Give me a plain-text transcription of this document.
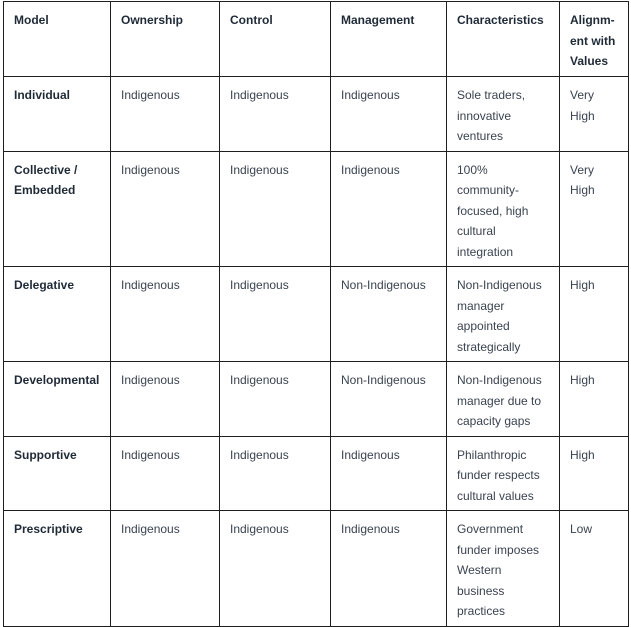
Model	Ownership	Control	Management	Characteristics	Alignm-ent with Values
Individual	Indigenous	Indigenous	Indigenous	Sole traders, innovative ventures	Very High
Collective / Embedded	Indigenous	Indigenous	Indigenous	100% community-focused, high cultural integration	Very High
Delegative	Indigenous	Indigenous	Non-Indigenous	Non-Indigenous manager appointed strategically	High
Developmental	Indigenous	Indigenous	Non-Indigenous	Non-Indigenous manager due to capacity gaps	High
Supportive	Indigenous	Indigenous	Indigenous	Philanthropic funder respects cultural values	High
Prescriptive	Indigenous	Indigenous	Indigenous	Government funder imposes Western business practices	Low
